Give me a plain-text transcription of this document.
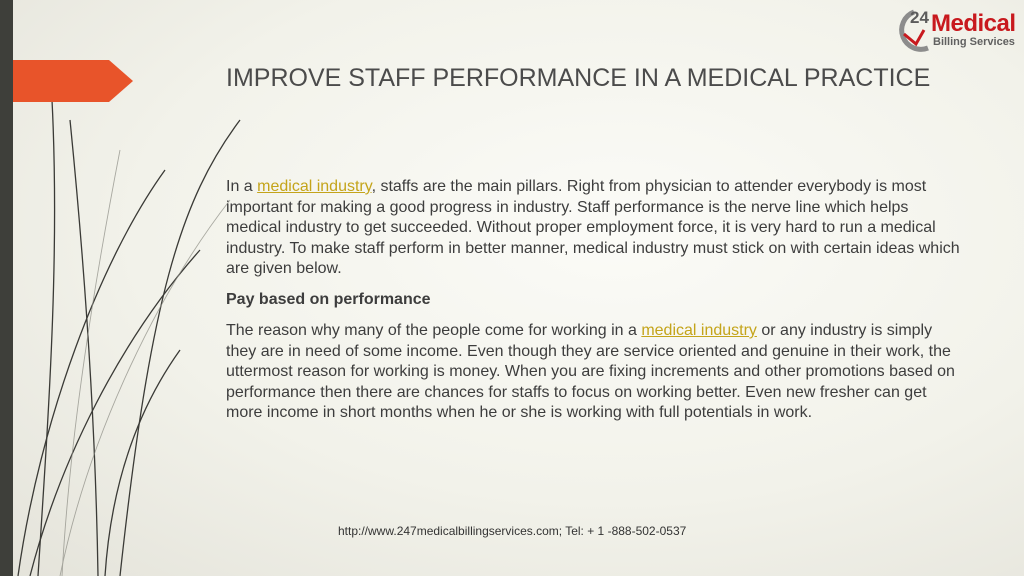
IMPROVE STAFF PERFORMANCE IN A MEDICAL PRACTICE
24 Medical
Billing Services

In a medical industry, staffs are the main pillars. Right from physician to attender everybody is most important for making a good progress in industry. Staff performance is the nerve line which helps medical industry to get succeeded. Without proper employment force, it is very hard to run a medical industry. To make staff perform in better manner, medical industry must stick on with certain ideas which are given below.

Pay based on performance

The reason why many of the people come for working in a medical industry or any industry is simply they are in need of some income. Even though they are service oriented and genuine in their work, the uttermost reason for working is money. When you are fixing increments and other promotions based on performance then there are chances for staffs to focus on working better. Even new fresher can get more income in short months when he or she is working with full potentials in work.

http://www.247medicalbillingservices.com; Tel: + 1 -888-502-0537
